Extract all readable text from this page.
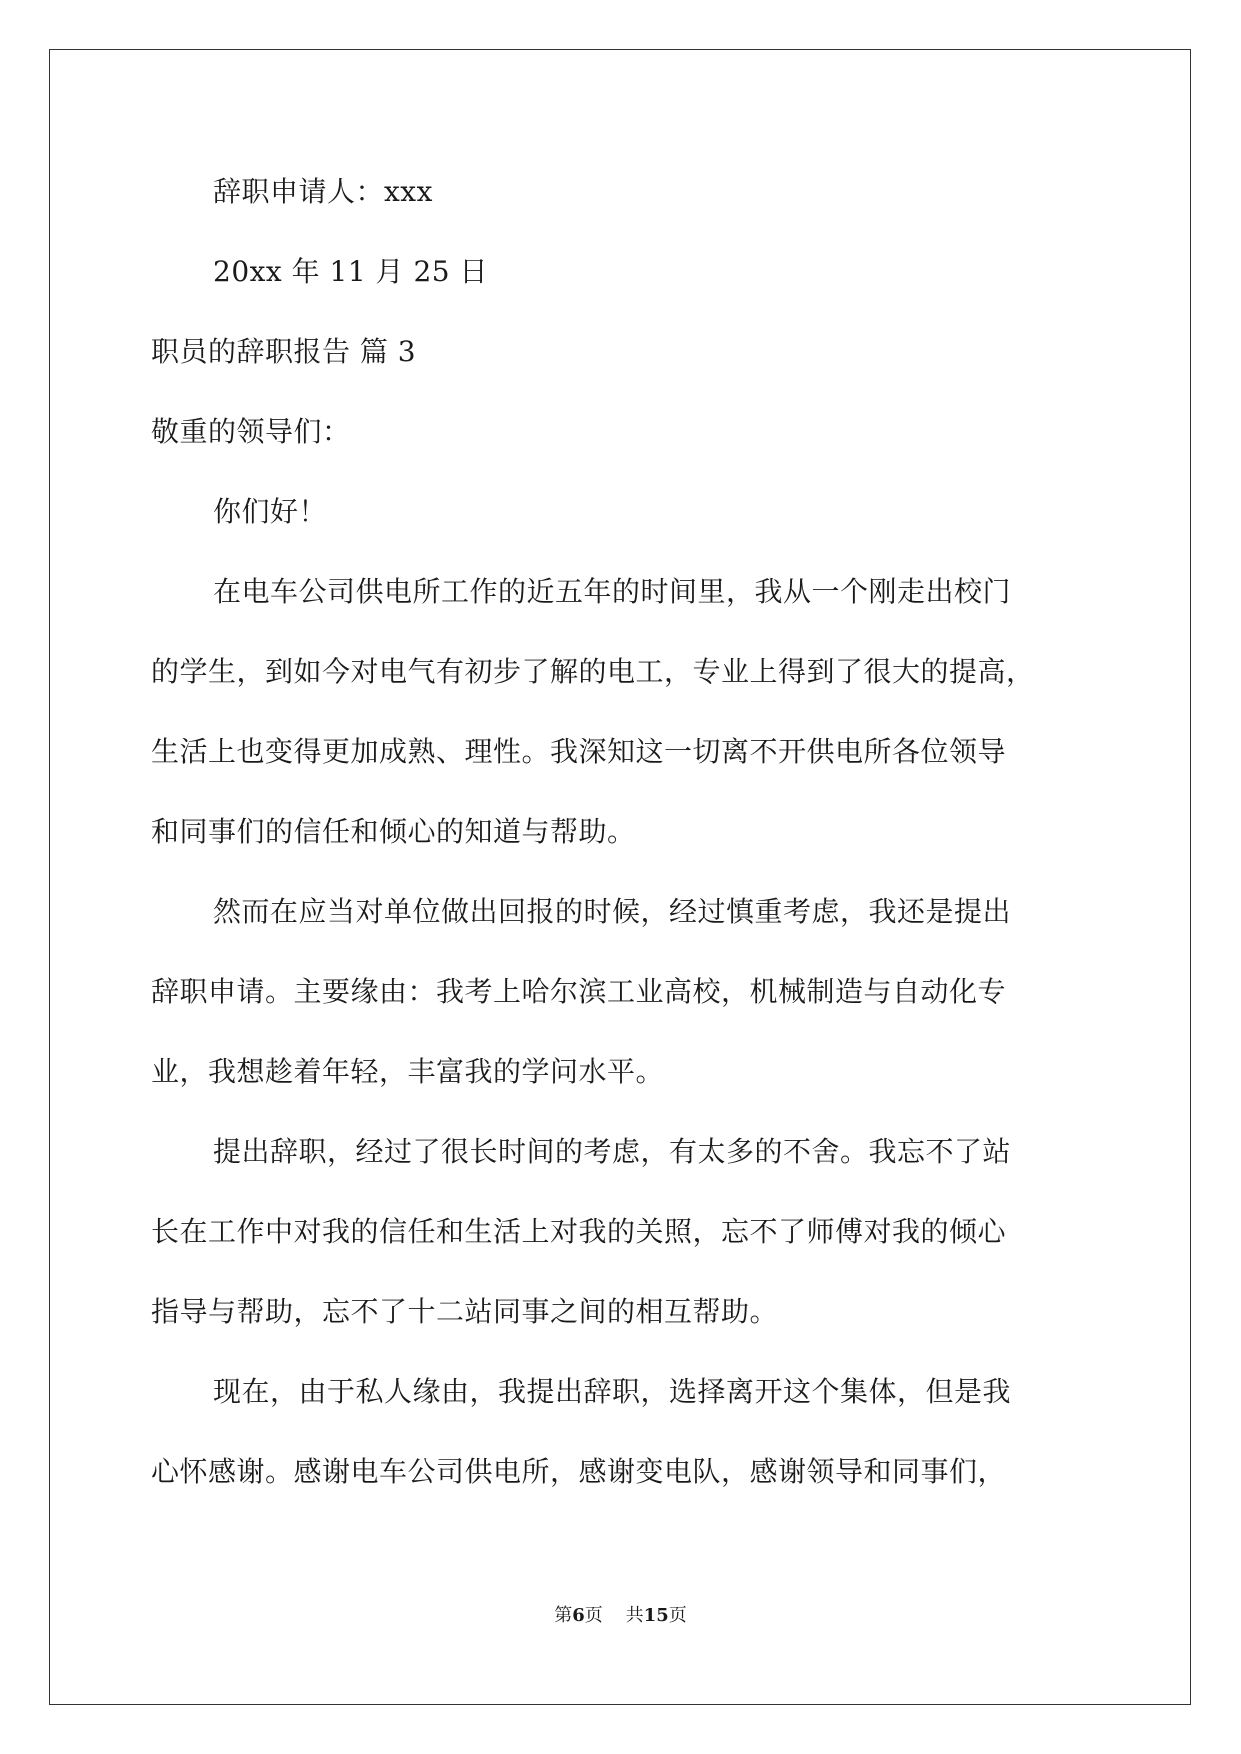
辞职申请人：xxx
20xx 年 11 月 25 日
职员的辞职报告 篇 3
敬重的领导们：
你们好！
在电车公司供电所工作的近五年的时间里，我从一个刚走出校门
的学生，到如今对电气有初步了解的电工，专业上得到了很大的提高，
生活上也变得更加成熟、理性。我深知这一切离不开供电所各位领导
和同事们的信任和倾心的知道与帮助。
然而在应当对单位做出回报的时候，经过慎重考虑，我还是提出
辞职申请。主要缘由：我考上哈尔滨工业高校，机械制造与自动化专
业，我想趁着年轻，丰富我的学问水平。
提出辞职，经过了很长时间的考虑，有太多的不舍。我忘不了站
长在工作中对我的信任和生活上对我的关照，忘不了师傅对我的倾心
指导与帮助，忘不了十二站同事之间的相互帮助。
现在，由于私人缘由，我提出辞职，选择离开这个集体，但是我
心怀感谢。感谢电车公司供电所，感谢变电队，感谢领导和同事们，
第6页    共15页
